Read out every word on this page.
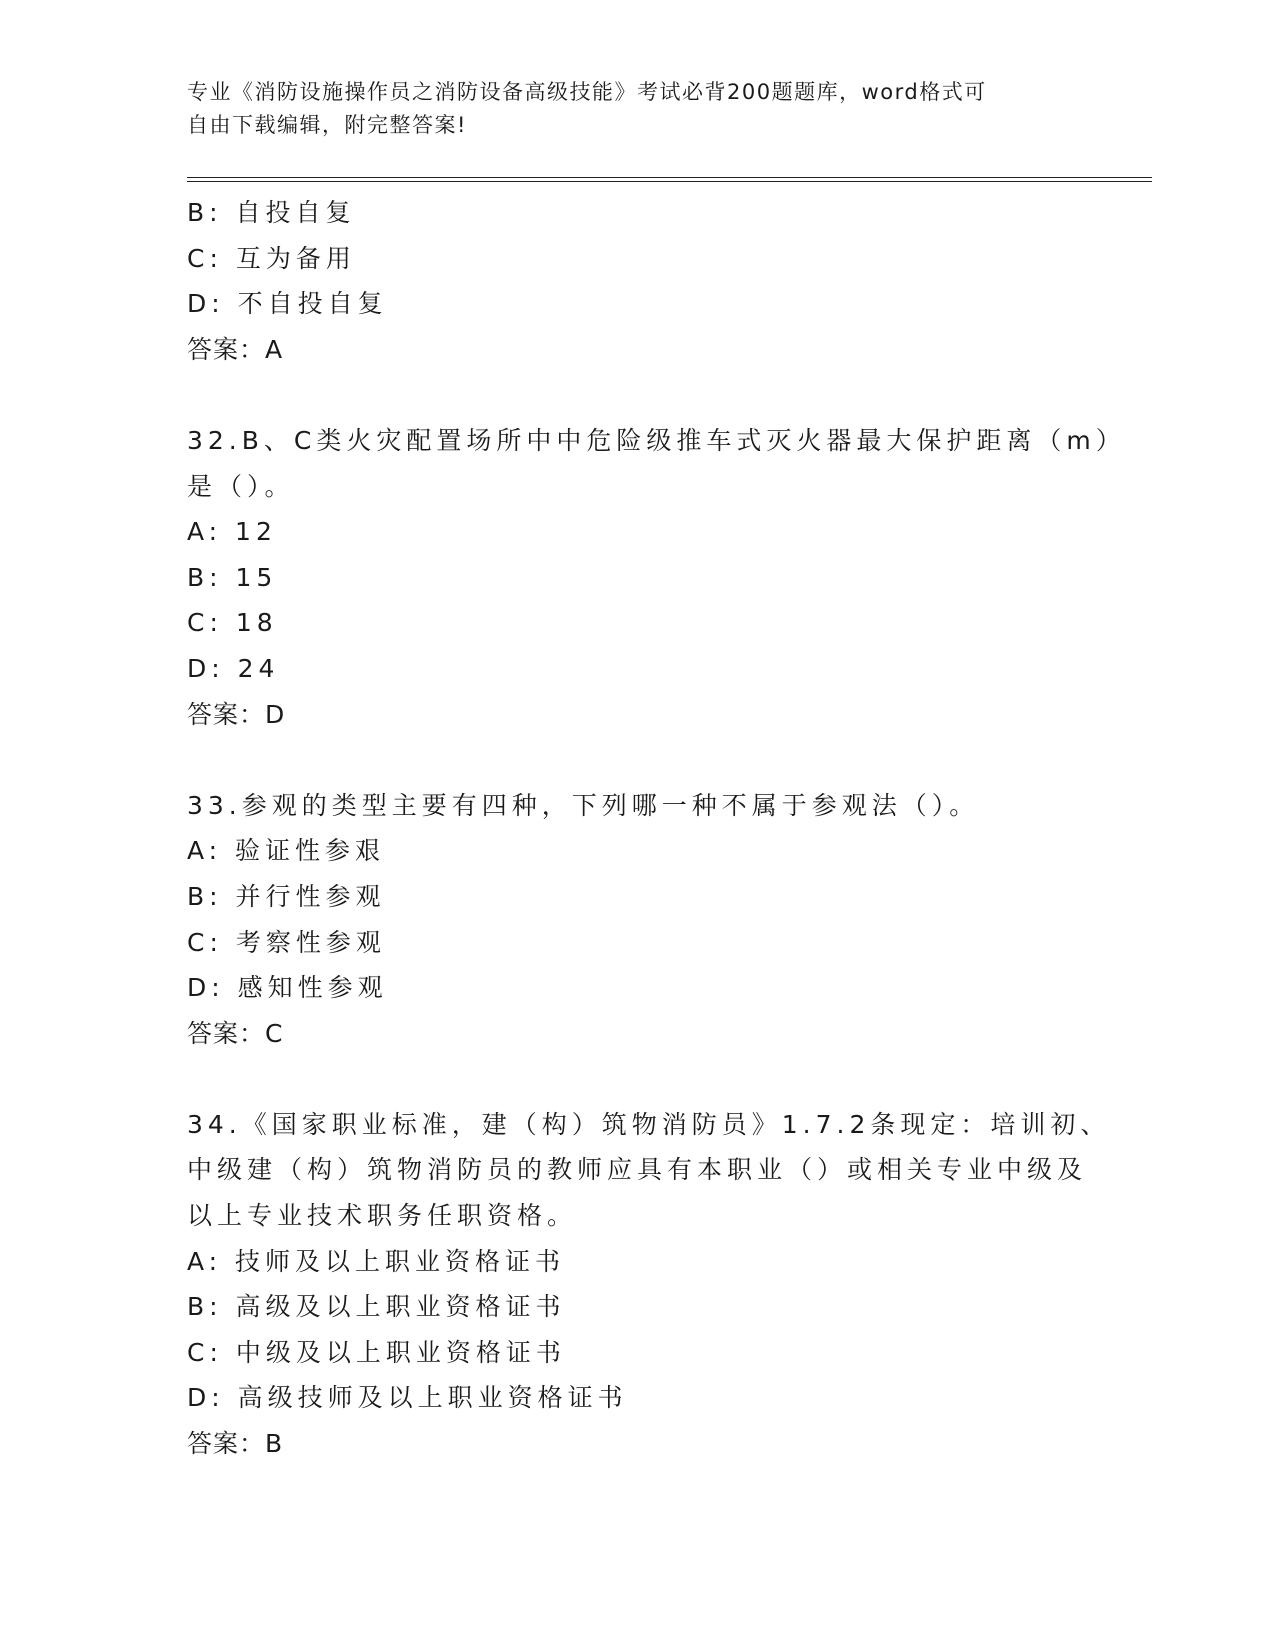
专业《消防设施操作员之消防设备高级技能》考试必背200题题库，word格式可
自由下载编辑，附完整答案!
B: 自投自复
C: 互为备用
D: 不自投自复
答案：A
32.B、C类火灾配置场所中中危险级推车式灭火器最大保护距离（m）
是（）。
A: 12
B: 15
C: 18
D: 24
答案：D
33.参观的类型主要有四种，下列哪一种不属于参观法（）。
A: 验证性参艰
B: 并行性参观
C: 考察性参观
D: 感知性参观
答案：C
34.《国家职业标准，建（构）筑物消防员》1.7.2条现定：培训初、
中级建（构）筑物消防员的教师应具有本职业（）或相关专业中级及
以上专业技术职务任职资格。
A: 技师及以上职业资格证书
B: 高级及以上职业资格证书
C: 中级及以上职业资格证书
D: 高级技师及以上职业资格证书
答案：B
